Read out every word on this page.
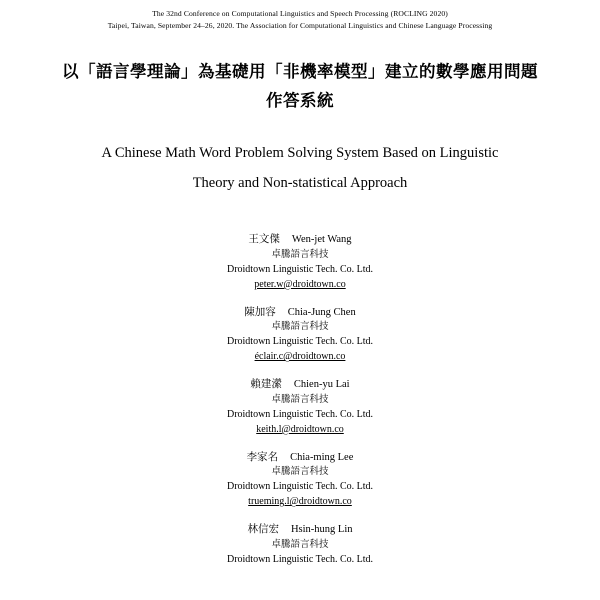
The 32nd Conference on Computational Linguistics and Speech Processing (ROCLING 2020)
Taipei, Taiwan, September 24–26, 2020. The Association for Computational Linguistics and Chinese Language Processing
以「語言學理論」為基礎用「非機率模型」建立的數學應用問題
作答系統
A Chinese Math Word Problem Solving System Based on Linguistic
Theory and Non-statistical Approach
王文傑 Wen-jet Wang
卓騰語言科技
Droidtown Linguistic Tech. Co. Ltd.
peter.w@droidtown.co
陳加容 Chia-Jung Chen
卓騰語言科技
Droidtown Linguistic Tech. Co. Ltd.
éclair.c@droidtown.co
賴建瀠 Chien-yu Lai
卓騰語言科技
Droidtown Linguistic Tech. Co. Ltd.
keith.l@droidtown.co
李家名 Chia-ming Lee
卓騰語言科技
Droidtown Linguistic Tech. Co. Ltd.
trueming.l@droidtown.co
林信宏 Hsin-hung Lin
卓騰語言科技
Droidtown Linguistic Tech. Co. Ltd.
